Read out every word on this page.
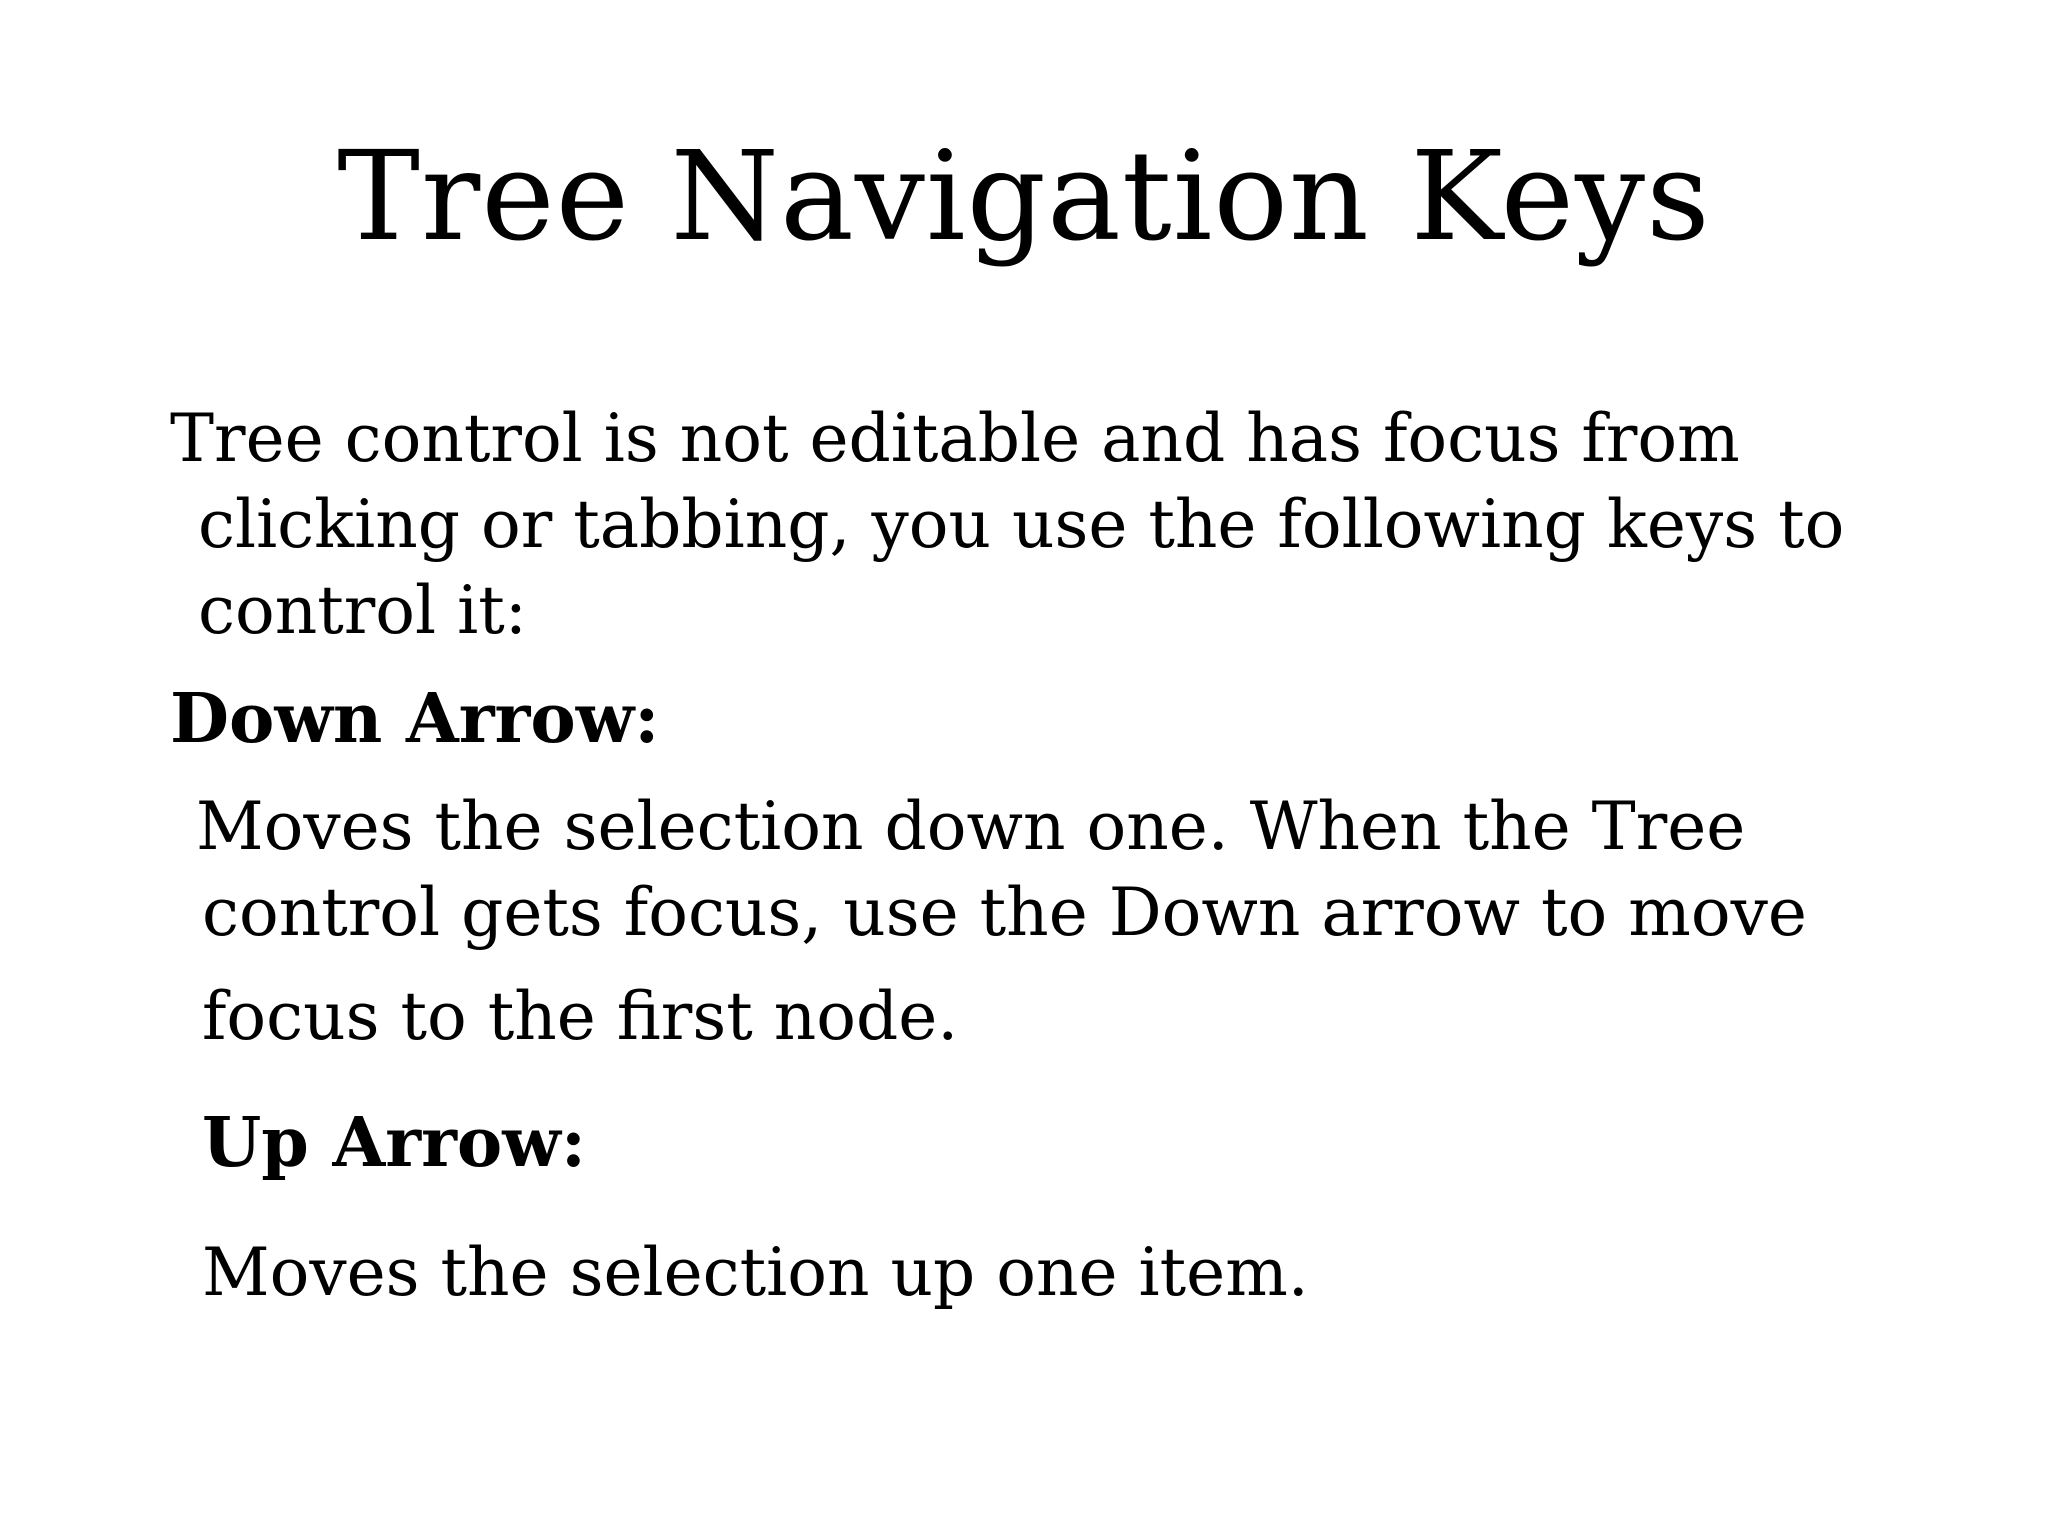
Tree Navigation Keys
Tree control is not editable and has focus from
clicking or tabbing, you use the following keys to
control it:
Down Arrow:
Moves the selection down one. When the Tree
control gets focus, use the Down arrow to move
focus to the first node.
Up Arrow:
Moves the selection up one item.
